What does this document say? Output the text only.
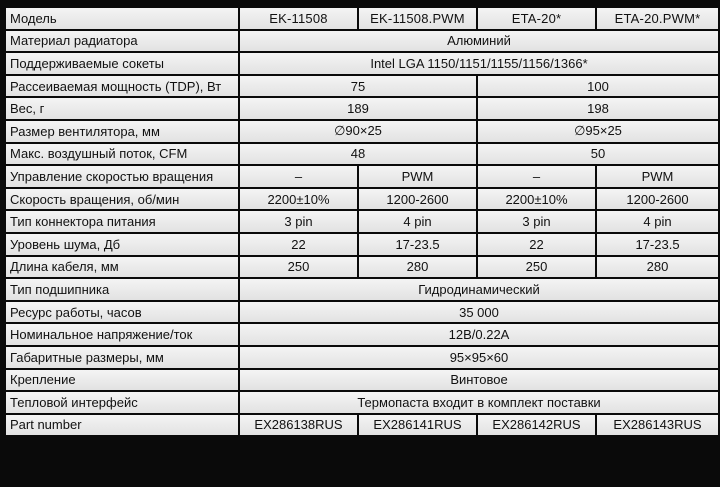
Модель	EK-11508	EK-11508.PWM	ETA-20*	ETA-20.PWM*
Материал радиатора	Алюминий			
Поддерживаемые сокеты	Intel LGA 1150/1151/1155/1156/1366*			
Рассеиваемая мощность (TDP), Вт	75		100	
Вес, г	189		198	
Размер вентилятора, мм	∅90×25		∅95×25	
Макс. воздушный поток, CFM	48		50	
Управление скоростью вращения	–	PWM	–	PWM
Скорость вращения, об/мин	2200±10%	1200-2600	2200±10%	1200-2600
Тип коннектора питания	3 pin	4 pin	3 pin	4 pin
Уровень шума, Дб	22	17-23.5	22	17-23.5
Длина кабеля, мм	250	280	250	280
Тип подшипника	Гидродинамический			
Ресурс работы, часов	35 000			
Номинальное напряжение/ток	12B/0.22A			
Габаритные размеры, мм	95×95×60			
Крепление	Винтовое			
Тепловой интерфейс	Термопаста входит в комплект поставки			
Part number	EX286138RUS	EX286141RUS	EX286142RUS	EX286143RUS
